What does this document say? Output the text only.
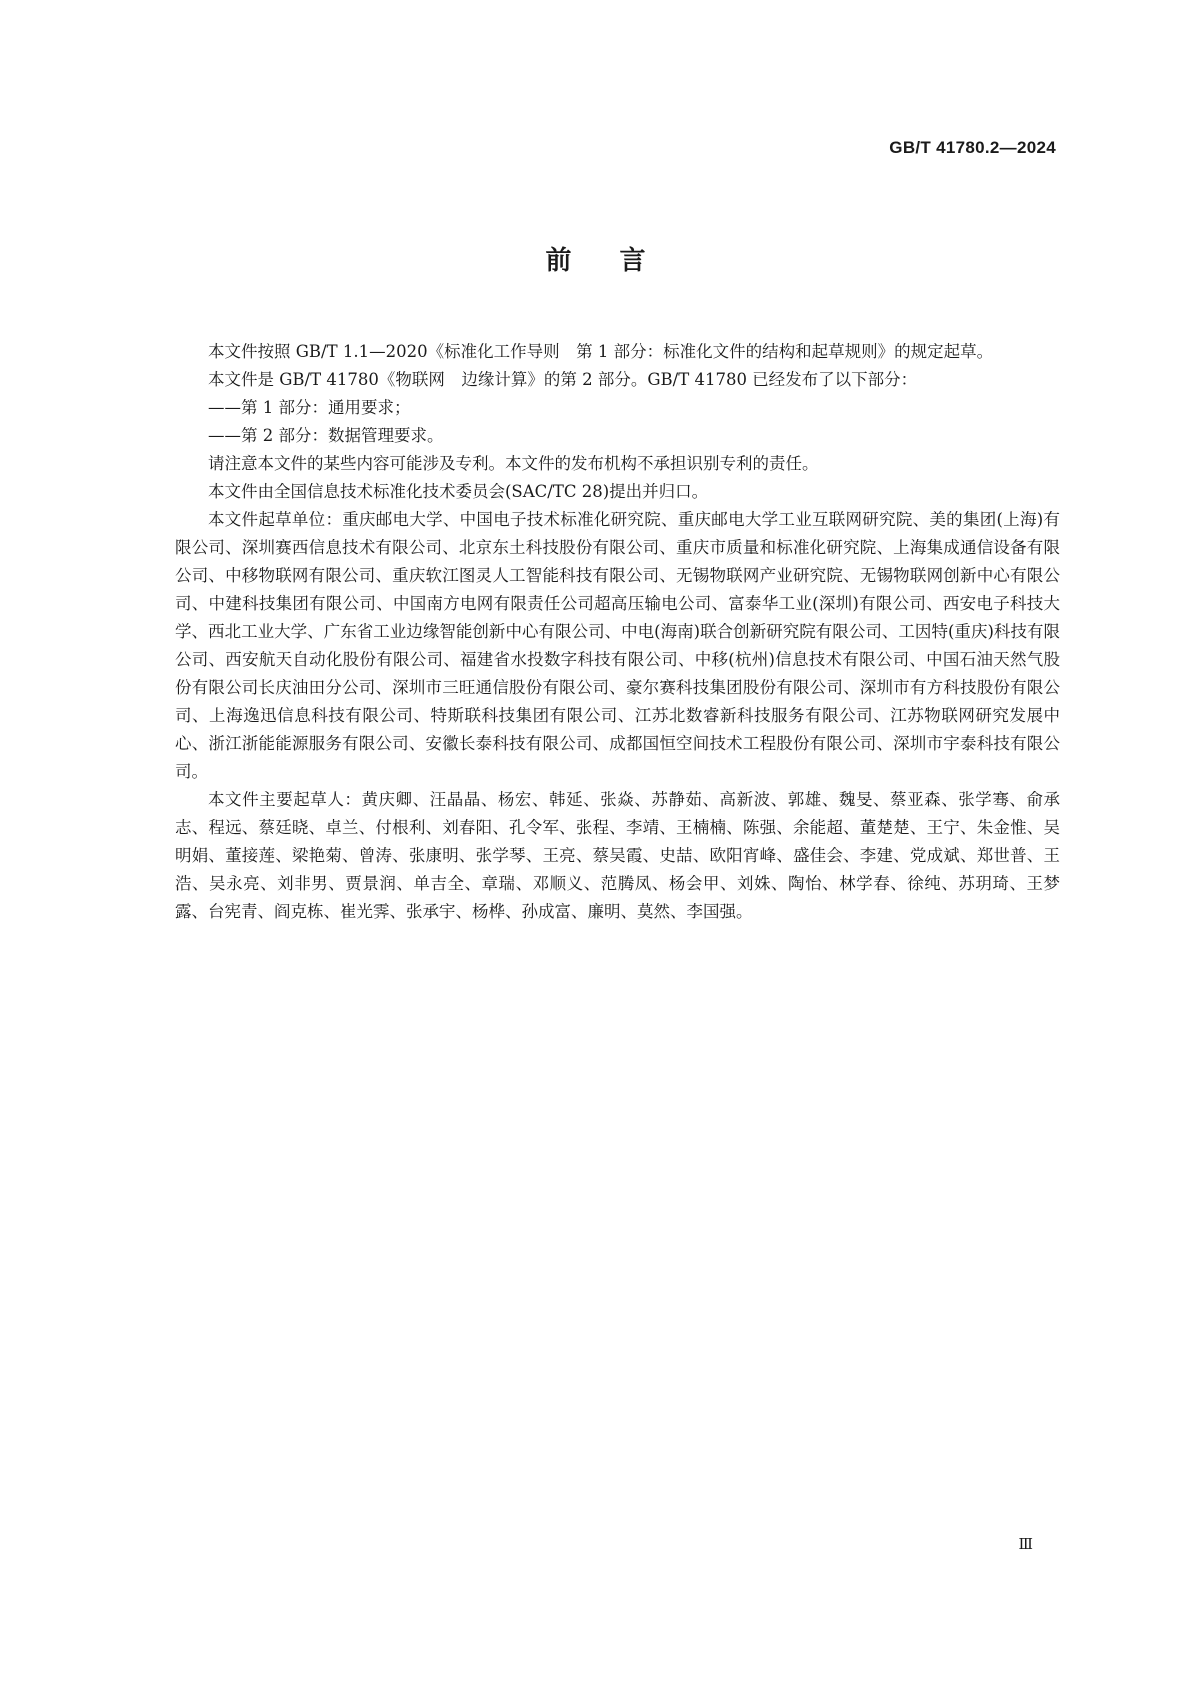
GB/T 41780.2—2024
前言

本文件按照 GB/T 1.1—2020《标准化工作导则　第 1 部分：标准化文件的结构和起草规则》的规定起草。

本文件是 GB/T 41780《物联网　边缘计算》的第 2 部分。GB/T 41780 已经发布了以下部分：

——第 1 部分：通用要求；

——第 2 部分：数据管理要求。

请注意本文件的某些内容可能涉及专利。本文件的发布机构不承担识别专利的责任。

本文件由全国信息技术标准化技术委员会(SAC/TC 28)提出并归口。

本文件起草单位：重庆邮电大学、中国电子技术标准化研究院、重庆邮电大学工业互联网研究院、美的集团(上海)有限公司、深圳赛西信息技术有限公司、北京东土科技股份有限公司、重庆市质量和标准化研究院、上海集成通信设备有限公司、中移物联网有限公司、重庆软江图灵人工智能科技有限公司、无锡物联网产业研究院、无锡物联网创新中心有限公司、中建科技集团有限公司、中国南方电网有限责任公司超高压输电公司、富泰华工业(深圳)有限公司、西安电子科技大学、西北工业大学、广东省工业边缘智能创新中心有限公司、中电(海南)联合创新研究院有限公司、工因特(重庆)科技有限公司、西安航天自动化股份有限公司、福建省水投数字科技有限公司、中移(杭州)信息技术有限公司、中国石油天然气股份有限公司长庆油田分公司、深圳市三旺通信股份有限公司、豪尔赛科技集团股份有限公司、深圳市有方科技股份有限公司、上海逸迅信息科技有限公司、特斯联科技集团有限公司、江苏北数睿新科技服务有限公司、江苏物联网研究发展中心、浙江浙能能源服务有限公司、安徽长泰科技有限公司、成都国恒空间技术工程股份有限公司、深圳市宇泰科技有限公司。

本文件主要起草人：黄庆卿、汪晶晶、杨宏、韩延、张焱、苏静茹、高新波、郭雄、魏旻、蔡亚森、张学骞、俞承志、程远、蔡廷晓、卓兰、付根利、刘春阳、孔令军、张程、李靖、王楠楠、陈强、余能超、董楚楚、王宁、朱金惟、吴明娟、董接莲、梁艳菊、曾涛、张康明、张学琴、王亮、蔡吴霞、史喆、欧阳宵峰、盛佳会、李建、党成斌、郑世普、王浩、吴永亮、刘非男、贾景润、单吉全、章瑞、邓顺义、范腾凤、杨会甲、刘姝、陶怡、林学春、徐纯、苏玥琦、王梦露、台宪青、阎克栋、崔光霁、张承宇、杨桦、孙成富、廉明、莫然、李国强。

Ⅲ
